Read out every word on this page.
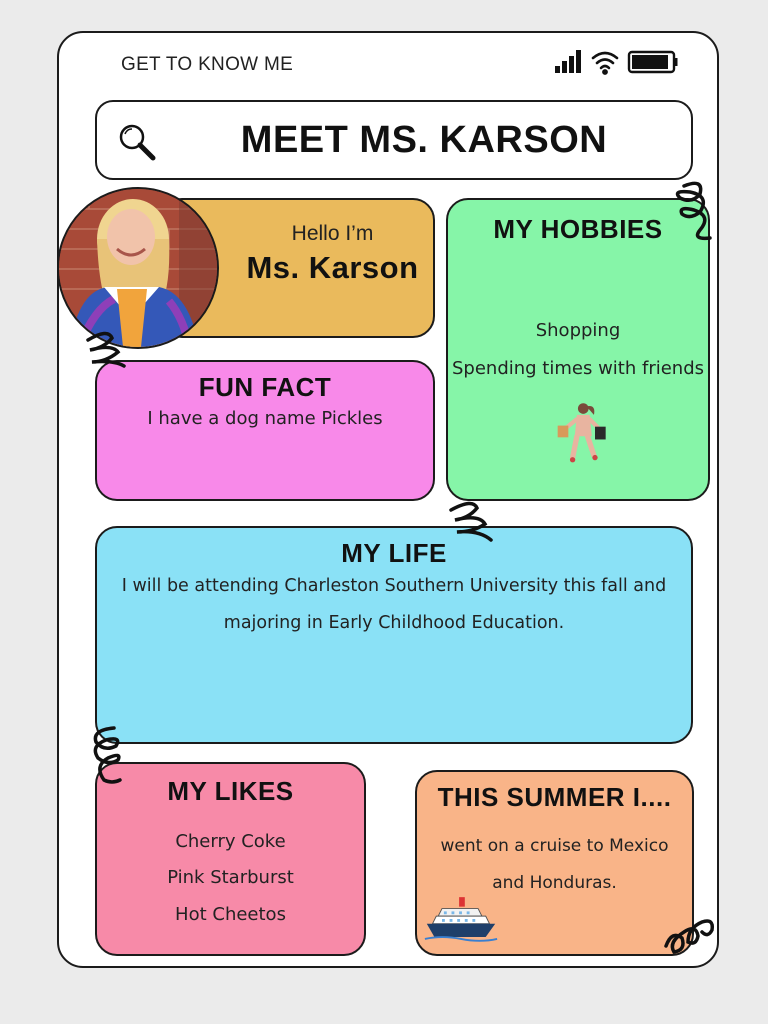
GET TO KNOW ME
MEET MS. KARSON
Hello I’m
Ms. Karson
MY HOBBIES
Shopping
Spending times with friends
FUN FACT
I have a dog name Pickles
MY LIFE
I will be attending Charleston Southern University this fall and
majoring in Early Childhood Education.
MY LIKES
Cherry Coke
Pink Starburst
Hot Cheetos
THIS SUMMER I....
went on a cruise to Mexico
and Honduras.
